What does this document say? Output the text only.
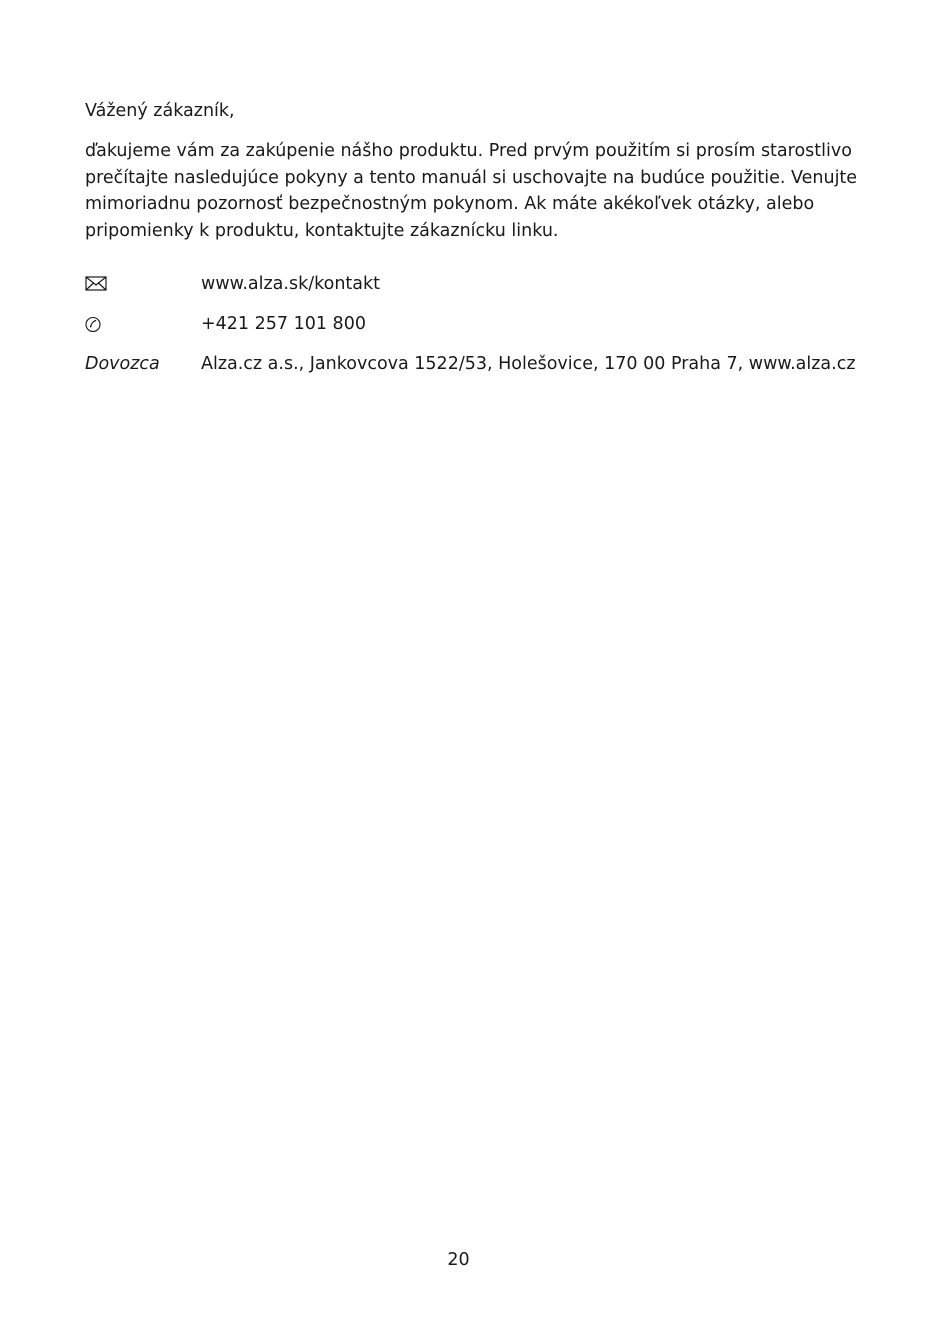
Vážený zákazník,

ďakujeme vám za zakúpenie nášho produktu. Pred prvým použitím si prosím starostlivo prečítajte nasledujúce pokyny a tento manuál si uschovajte na budúce použitie. Venujte mimoriadnu pozornosť bezpečnostným pokynom. Ak máte akékoľvek otázky, alebo pripomienky k produktu, kontaktujte zákaznícku linku.

www.alza.sk/kontakt
+421 257 101 800
Dovozca	Alza.cz a.s., Jankovcova 1522/53, Holešovice, 170 00 Praha 7, www.alza.cz
20
